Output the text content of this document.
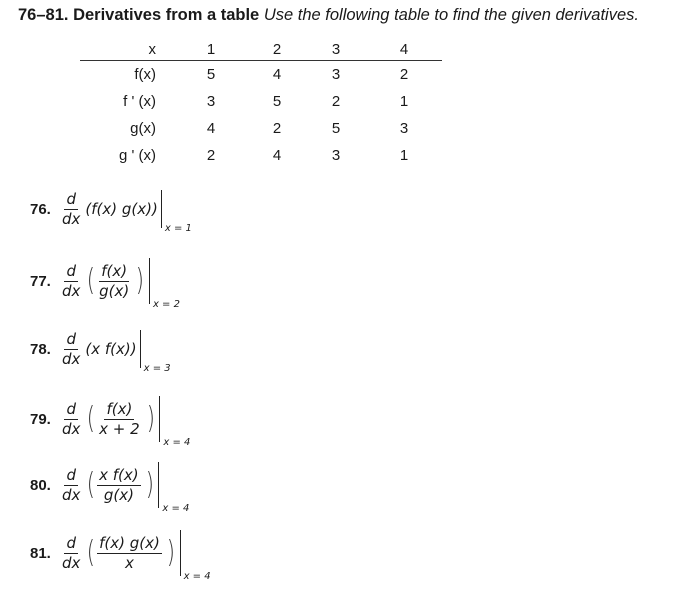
76–81. Derivatives from a table Use the following table to find the given derivatives.
x	1	2	3	4
f(x)	5	4	3	2
f ' (x)	3	5	2	1
g(x)	4	2	5	3
g ' (x)	2	4	3	1
76. $\frac{d}{dx} (f(x)$ g(x))
x = 1
77. $\frac{d}{dx}$ ( $\frac{f(x)}{g(x)}$ )
x = 2
78. $\frac{d}{dx} (x$ f(x))
x = 3
79. $\frac{d}{dx}$ ( $\frac{f(x)}{x + 2}$ )
x = 4
80. $\frac{d}{dx}$ ( $\frac{\text{x f(x)}}{g(x)}$ )
x = 4
81. $\frac{d}{dx}$ ( $\frac{f(x) g(x)}{x}$ )
x = 4
